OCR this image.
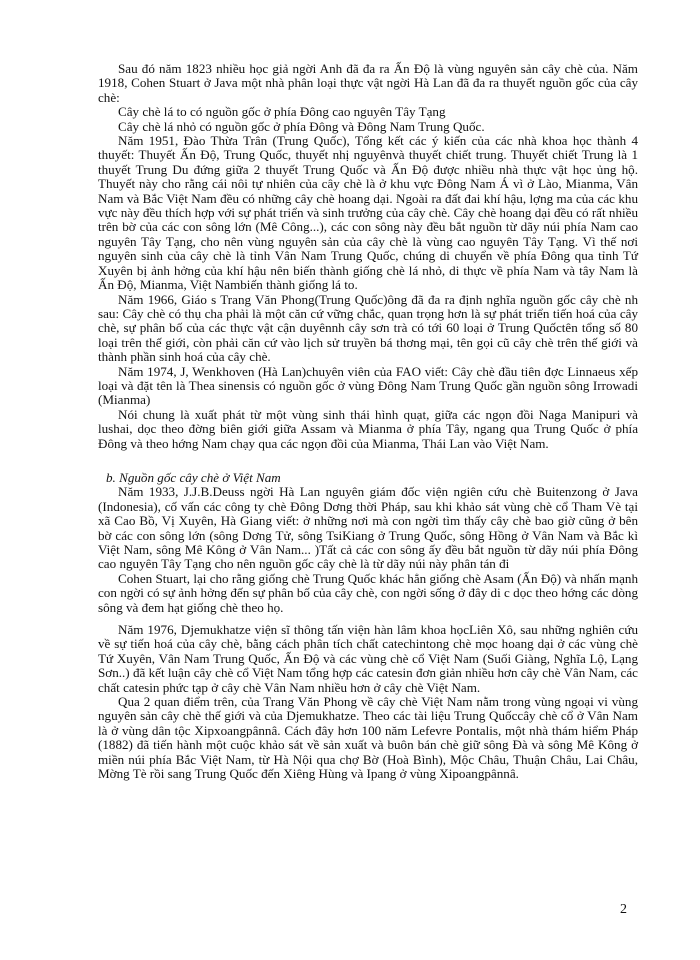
Sau đó năm 1823 nhiều học giả ngời Anh đã đa ra Ấn Độ là vùng nguyên sản cây chè của. Năm 1918, Cohen Stuart ở Java một nhà phân loại thực vật ngời Hà Lan đã đa ra thuyết nguồn gốc của cây chè:

Cây chè lá to có nguồn gốc ở phía Đông cao nguyên Tây Tạng

Cây chè lá nhỏ có nguồn gốc ở phía Đông và Đông Nam Trung Quốc.

Năm 1951, Đào Thừa Trân (Trung Quốc), Tổng kết các ý kiến của các nhà khoa học thành 4 thuyết: Thuyết Ấn Độ, Trung Quốc, thuyết nhị nguyênvà thuyết chiết trung. Thuyết chiết Trung là 1 thuyết Trung Du đứng giữa 2 thuyết Trung Quốc và Ấn Độ được nhiều nhà thực vật học ủng hộ. Thuyết này cho rằng cái nôi tự nhiên của cây chè là ở khu vực Đông Nam Á vì ở Lào, Mianma, Vân Nam và Bắc Việt Nam đều có những cây chè hoang dại. Ngoài ra đất đai khí hậu, lợng ma của các khu vực này đều thích hợp với sự phát triển và sinh trưởng của cây chè. Cây chè hoang dại đều có rất nhiều trên bờ của các con sông lớn (Mê Công...), các con sông này đều bắt nguồn từ dãy núi phía Nam cao nguyên Tây Tạng, cho nên vùng nguyên sản của cây chè là vùng cao nguyên Tây Tạng. Vì thế nơi nguyên sinh của cây chè là tỉnh Vân Nam Trung Quốc, chúng di chuyển về phía Đông qua tỉnh Tứ Xuyên bị ảnh hởng của khí hậu nên biến thành giống chè lá nhỏ, di thực về phía Nam và tây Nam là Ấn Độ, Mianma, Việt Nambiến thành giống lá to.

Năm 1966, Giáo s Trang Văn Phong(Trung Quốc)ông đã đa ra định nghĩa nguồn gốc cây chè nh sau: Cây chè có thụ cha phải là một căn cứ vững chắc, quan trọng hơn là sự phát triển tiến hoá của cây chè, sự phân bố của các thực vật cận duyênnh cây sơn trà có tới 60 loại ở Trung Quốctên tổng số 80 loại trên thế giới, còn phải căn cứ vào lịch sử truyền bá thơng mại, tên gọi cũ cây chè trên thế giới và thành phần sinh hoá của cây chè.

Năm 1974, J, Wenkhoven (Hà Lan)chuyên viên của FAO viết: Cây chè đầu tiên đợc Linnaeus xếp loại và đặt tên là Thea sinensis có nguồn gốc ở vùng Đông Nam Trung Quốc gần nguồn sông Irrowadi (Mianma)

Nói chung là xuất phát từ một vùng sinh thái hình quạt, giữa các ngọn đồi Naga Manipuri và lushai, dọc theo đờng biên giới giữa Assam và Mianma ở phía Tây, ngang qua Trung Quốc ở phía Đông và theo hớng Nam chạy qua các ngọn đồi của Mianma, Thái Lan vào Việt Nam.

b. Nguồn gốc cây chè ở Việt Nam

Năm 1933, J.J.B.Deuss ngời Hà Lan nguyên giám đốc viện ngiên cứu chè Buitenzong ở Java (Indonesia), cố vấn các công ty chè Đông Dơng thời Pháp, sau khi khảo sát vùng chè cổ Tham Vè tại xã Cao Bồ, Vị Xuyên, Hà Giang viết: ở những nơi mà con ngời tìm thấy cây chè bao giờ cũng ở bên bờ các con sông lớn (sông Dơng Tử, sông TsiKiang ở Trung Quốc, sông Hồng ở Vân Nam và Bắc kì Việt Nam, sông Mê Kông ở Vân Nam... )Tất cả các con sông ấy đều bắt nguồn từ dãy núi phía Đông cao nguyên Tây Tạng cho nên nguồn gốc cây chè là từ dãy núi này phân tán đi

Cohen Stuart, lại cho rằng giống chè Trung Quốc khác hẳn giống chè Asam (Ấn Độ) và nhấn mạnh con ngời có sự ảnh hởng đến sự phân bố của cây chè, con ngời sống ở đây di c dọc theo hớng các dòng sông và đem hạt giống chè theo họ.

Năm 1976, Djemukhatze viện sĩ thông tấn viện hàn lâm khoa họcLiên Xô, sau những nghiên cứu về sự tiến hoá của cây chè, bằng cách phân tích chất catechintong chè mọc hoang dại ở các vùng chè Tứ Xuyên, Vân Nam Trung Quốc, Ấn Độ và các vùng chè cổ Việt Nam (Suối Giàng, Nghĩa Lộ, Lạng Sơn..) đã kết luận cây chè cổ Việt Nam tổng hợp các catesin đơn giản nhiều hơn cây chè Vân Nam, các chất catesin phức tạp ở cây chè Vân Nam nhiều hơn ở cây chè Việt Nam.

Qua 2 quan điểm trên, của Trang Văn Phong về cây chè Việt Nam nằm trong vùng ngoại vi vùng nguyên sản cây chè thế giới và của Djemukhatze. Theo các tài liệu Trung Quốccây chè cổ ở Vân Nam là ở vùng dân tộc Xipxoangpânnâ. Cách đây hơn 100 năm Lefevre Pontalis, một nhà thám hiểm Pháp (1882) đã tiến hành một cuộc khảo sát về sản xuất và buôn bán chè giữ sông Đà và sông Mê Kông ở miền núi phía Bắc Việt Nam, từ Hà Nội qua chợ Bờ (Hoà Bình), Mộc Châu, Thuận Châu, Lai Châu, Mờng Tè rồi sang Trung Quốc đến Xiêng Hùng và Ipang ở vùng Xipoangpânnâ.

2
